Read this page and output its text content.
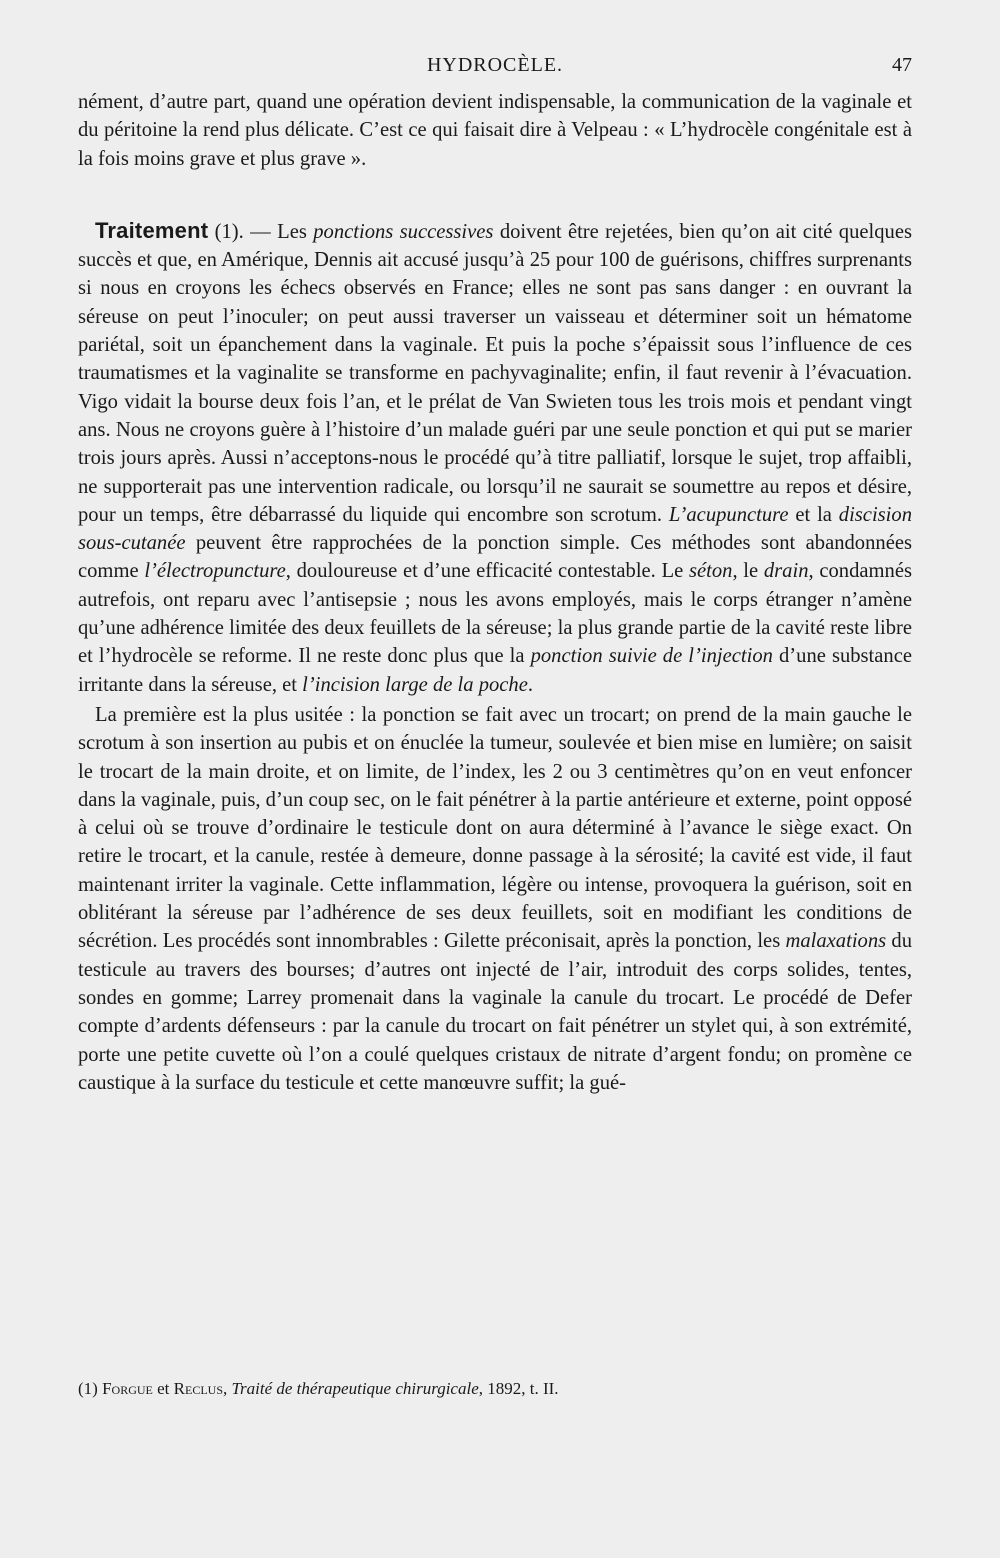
HYDROCÈLE.	47

nément, d’autre part, quand une opération devient indispensable, la communication de la vaginale et du péritoine la rend plus délicate. C’est ce qui faisait dire à Velpeau : « L’hydrocèle congénitale est à la fois moins grave et plus grave ».

Traitement (1). — Les ponctions successives doivent être rejetées, bien qu’on ait cité quelques succès et que, en Amérique, Dennis ait accusé jusqu’à 25 pour 100 de guérisons, chiffres surprenants si nous en croyons les échecs observés en France; elles ne sont pas sans danger : en ouvrant la séreuse on peut l’inoculer; on peut aussi traverser un vaisseau et déterminer soit un hématome pariétal, soit un épanchement dans la vaginale. Et puis la poche s’épaissit sous l’influence de ces traumatismes et la vaginalite se transforme en pachyvaginalite; enfin, il faut revenir à l’évacuation. Vigo vidait la bourse deux fois l’an, et le prélat de Van Swieten tous les trois mois et pendant vingt ans. Nous ne croyons guère à l’histoire d’un malade guéri par une seule ponction et qui put se marier trois jours après. Aussi n’acceptons-nous le procédé qu’à titre palliatif, lorsque le sujet, trop affaibli, ne supporterait pas une intervention radicale, ou lorsqu’il ne saurait se soumettre au repos et désire, pour un temps, être débarrassé du liquide qui encombre son scrotum. L’acupuncture et la discision sous-cutanée peuvent être rapprochées de la ponction simple. Ces méthodes sont abandonnées comme l’électropuncture, douloureuse et d’une efficacité contestable. Le séton, le drain, condamnés autrefois, ont reparu avec l’antisepsie ; nous les avons employés, mais le corps étranger n’amène qu’une adhérence limitée des deux feuillets de la séreuse; la plus grande partie de la cavité reste libre et l’hydrocèle se reforme. Il ne reste donc plus que la ponction suivie de l’injection d’une substance irritante dans la séreuse, et l’incision large de la poche.

La première est la plus usitée : la ponction se fait avec un trocart; on prend de la main gauche le scrotum à son insertion au pubis et on énuclée la tumeur, soulevée et bien mise en lumière; on saisit le trocart de la main droite, et on limite, de l’index, les 2 ou 3 centimètres qu’on en veut enfoncer dans la vaginale, puis, d’un coup sec, on le fait pénétrer à la partie antérieure et externe, point opposé à celui où se trouve d’ordinaire le testicule dont on aura déterminé à l’avance le siège exact. On retire le trocart, et la canule, restée à demeure, donne passage à la sérosité; la cavité est vide, il faut maintenant irriter la vaginale. Cette inflammation, légère ou intense, provoquera la guérison, soit en oblitérant la séreuse par l’adhérence de ses deux feuillets, soit en modifiant les conditions de sécrétion. Les procédés sont innombrables : Gilette préconisait, après la ponction, les malaxations du testicule au travers des bourses; d’autres ont injecté de l’air, introduit des corps solides, tentes, sondes en gomme; Larrey promenait dans la vaginale la canule du trocart. Le procédé de Defer compte d’ardents défenseurs : par la canule du trocart on fait pénétrer un stylet qui, à son extrémité, porte une petite cuvette où l’on a coulé quelques cristaux de nitrate d’argent fondu; on promène ce caustique à la surface du testicule et cette manœuvre suffit; la gué-

(1) Forgue et Reclus, Traité de thérapeutique chirurgicale, 1892, t. II.
